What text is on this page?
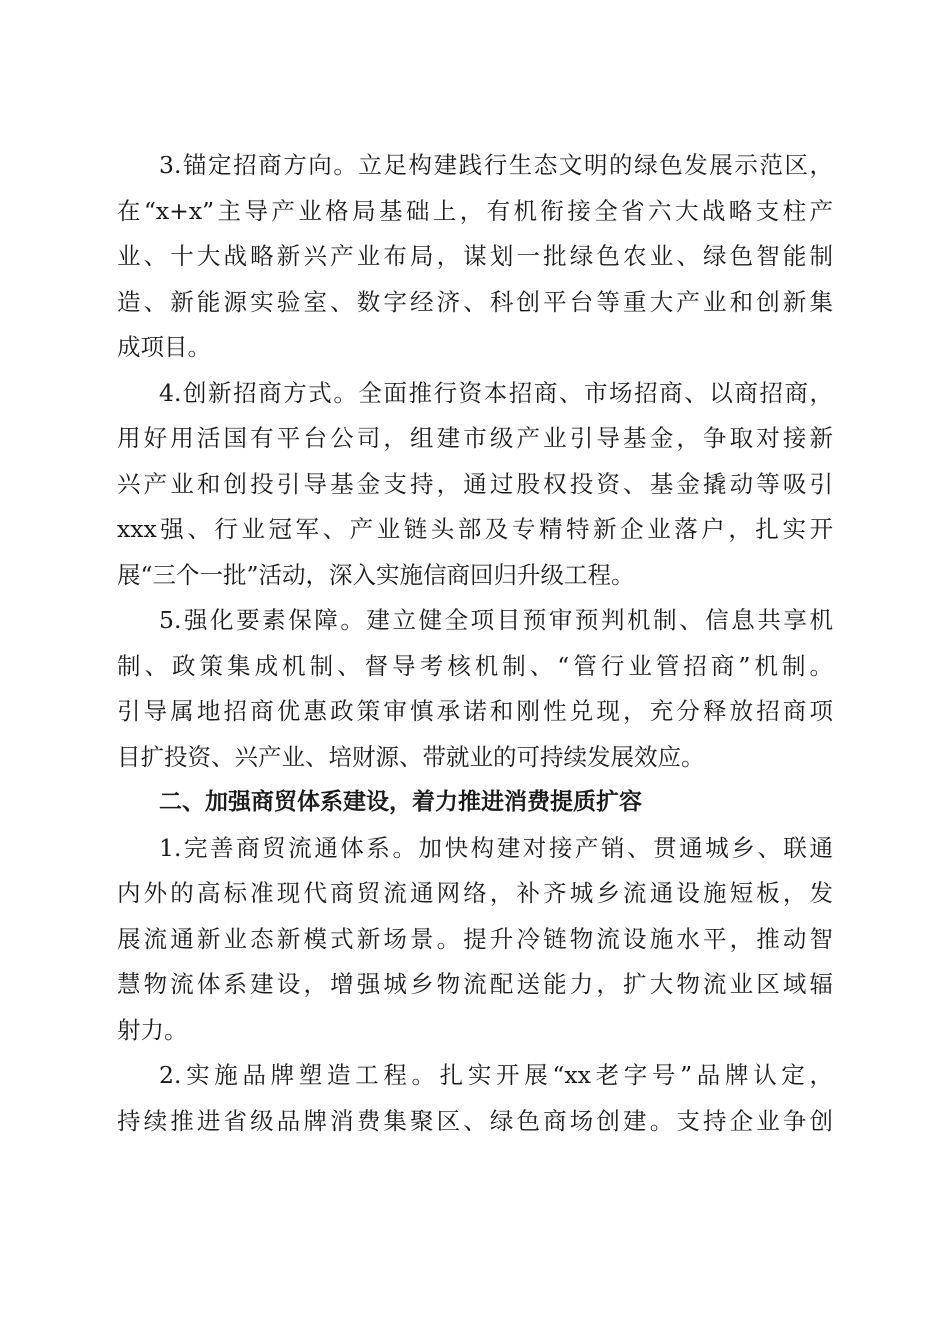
3.锚定招商方向。立足构建践行生态文明的绿色发展示范区，
在“x+x”主导产业格局基础上，有机衔接全省六大战略支柱产
业、十大战略新兴产业布局，谋划一批绿色农业、绿色智能制
造、新能源实验室、数字经济、科创平台等重大产业和创新集
成项目。
4.创新招商方式。全面推行资本招商、市场招商、以商招商，
用好用活国有平台公司，组建市级产业引导基金，争取对接新
兴产业和创投引导基金支持，通过股权投资、基金撬动等吸引
xxx强、行业冠军、产业链头部及专精特新企业落户，扎实开
展“三个一批”活动，深入实施信商回归升级工程。
5.强化要素保障。建立健全项目预审预判机制、信息共享机
制、政策集成机制、督导考核机制、“管行业管招商”机制。
引导属地招商优惠政策审慎承诺和刚性兑现，充分释放招商项
目扩投资、兴产业、培财源、带就业的可持续发展效应。
二、加强商贸体系建设，着力推进消费提质扩容
1.完善商贸流通体系。加快构建对接产销、贯通城乡、联通
内外的高标准现代商贸流通网络，补齐城乡流通设施短板，发
展流通新业态新模式新场景。提升冷链物流设施水平，推动智
慧物流体系建设，增强城乡物流配送能力，扩大物流业区域辐
射力。
2.实施品牌塑造工程。扎实开展“xx老字号”品牌认定，
持续推进省级品牌消费集聚区、绿色商场创建。支持企业争创
